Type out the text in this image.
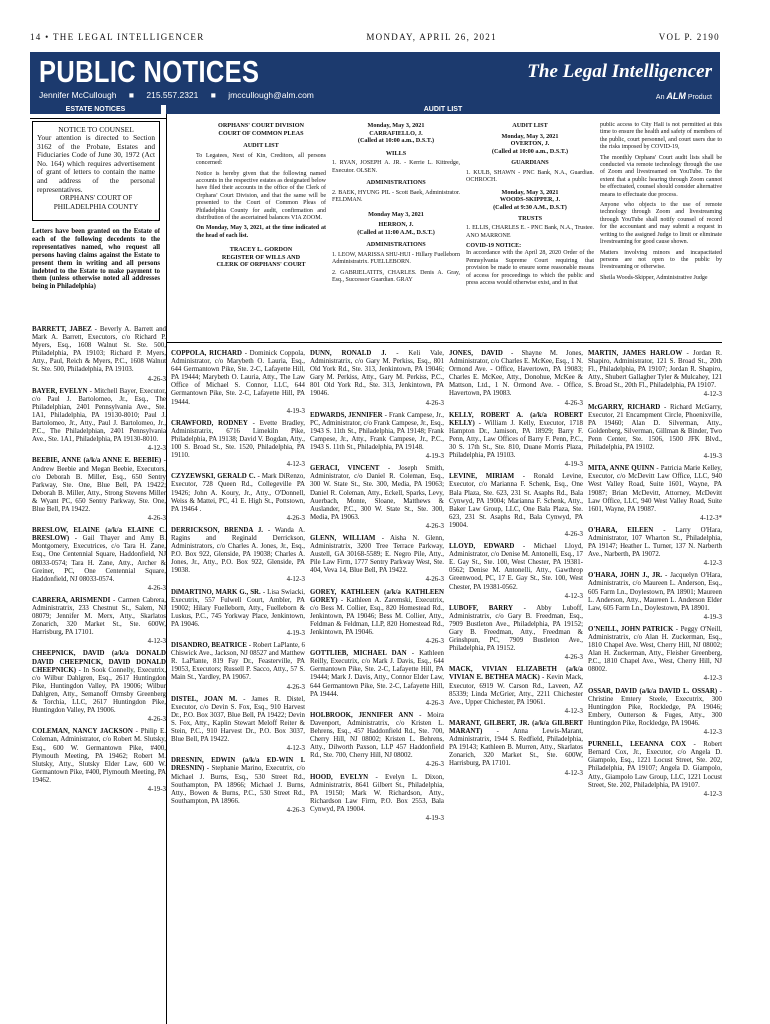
14 • THE LEGAL INTELLIGENCER	MONDAY, APRIL 26, 2021	VOL P. 2190
PUBLIC NOTICES
Jennifer McCullough ■ 215.557.2321 ■ jmccullough@alm.com
The Legal Intelligencer
An ALM Product
ESTATE NOTICES	AUDIT LIST
NOTICE TO COUNSEL
Your attention is directed to Section 3162 of the Probate, Estates and Fiduciaries Code of June 30, 1972 (Act No. 164) which requires advertisement of grant of letters to contain the name and address of the personal representatives.
ORPHANS' COURT OF PHILADELPHIA COUNTY
Letters have been granted on the Estate of each of the following decedents to the representatives named, who request all persons having claims against the Estate to present them in writing and all persons indebted to the Estate to make payment to them (unless otherwise noted all addresses being in Philadelphia)
ORPHANS' COURT DIVISION
COURT OF COMMON PLEAS
AUDIT LIST
To Legatees, Next of Kin, Creditors, all persons concerned:
Notice is hereby given that the following named accounts in the respective estates as designated below have filed their accounts in the office of the Clerk of Orphans' Court Division, and that the same will be presented to the Court of Common Pleas of Philadelphia County for audit, confirmation and distribution of the ascertained balances VIA ZOOM.
On Monday, May 3, 2021, at the time indicated at the head of each list.
TRACEY L. GORDON
REGISTER OF WILLS AND
CLERK OF ORPHANS' COURT
Monday, May 3, 2021
CARRAFIELLO, J.
(Called at 10:00 a.m., D.S.T.)
WILLS
1. RYAN, JOSEPH A. JR. - Kerrie L. Kittredge, Executor. OLSEN.
ADMINISTRATIONS
2. BAEK, HYUNG PIL - Scott Baek, Administrator. FELDMAN.
Monday May 3, 2021
HERRON, J.
(Called at 11:00 A.M., D.S.T.)
ADMINISTRATIONS
1. LEOW, MARISSA SHU-HUI - Hillary Fuelleborn Administratrix. FUELLEBORN.
2. GABRIELATITS, CHARLES. Denis A. Gray, Esq., Successor Guardian. GRAY
AUDIT LIST
Monday, May 3, 2021
OVERTON, J.
(Called at 10:00 a.m., D.S.T.)
GUARDIANS
1. KULB, SHAWN - PNC Bank, N.A., Guardian. OCHROCH.
Monday, May 3, 2021
WOODS-SKIPPER, J.
(Called at 9:30 A.M., D.S.T)
TRUSTS
1. ELLIS, CHARLES E. - PNC Bank, N.A., Trustee. ANO MARRONE
COVID-19 NOTICE:
In accordance with the April 28, 2020 Order of the Pennsylvania Supreme Court requiring that provision be made to ensure some reasonable means of access for proceedings to which the public and press access would otherwise exist, and in that
public access to City Hall is not permitted at this time to ensure the health and safety of members of the public, court personnel, and court users due to the risks imposed by COVID-19,
The monthly Orphans' Court audit lists shall be conducted via remote technology through the use of Zoom and livestreamed on YouTube. To the extent that a public hearing through Zoom cannot be effectuated, counsel should consider alternative means to effectuate due process.
Anyone who objects to the use of remote technology through Zoom and livestreaming through YouTube shall notify counsel of record for the accountant and may submit a request in writing to the assigned Judge to limit or eliminate livestreaming for good cause shown.
Matters involving minors and incapacitated persons are not open to the public by livestreaming or otherwise.
Sheila Woods-Skipper, Administrative Judge
BARRETT, JABEZ - Beverly A. Barrett and Mark A. Barrett, Executors, c/o Richard P. Myers, Esq., 1608 Walnut St. Ste. 500, Philadelphia, PA 19103; Richard P. Myers, Atty., Paul, Reich & Myers, P.C., 1608 Walnut St. Ste. 500, Philadelphia, PA 19103.
4-26-3
BAYER, EVELYN - Mitchell Bayer, Executor, c/o Paul J. Bartolomeo, Jr., Esq., The Philadelphian, 2401 Pennsylvania Ave., Ste. 1A1, Philadelphia, PA 19130-8010; Paul J. Bartolomeo, Jr., Atty., Paul J. Bartolomeo, Jr., P.C., The Philadelphian, 2401 Pennsylvania Ave., Ste. 1A1, Philadelphia, PA 19130-8010.
4-12-3
BEEBIE, ANNE (a/k/a ANNE E. BEEBIE) - Andrew Beebie and Megan Beebie, Executors, c/o Deborah B. Miller, Esq., 650 Sentry Parkway, Ste. One, Blue Bell, PA 19422; Deborah B. Miller, Atty., Strong Stevens Miller & Wyant PC, 650 Sentry Parkway, Ste. One, Blue Bell, PA 19422.
4-26-3
BRESLOW, ELAINE (a/k/a ELAINE C. BRESLOW) - Gail Thayer and Amy B. Montgomery, Executrices, c/o Tara H. Zane, Esq., One Centennial Square, Haddonfield, NJ 08033-0574; Tara H. Zane, Atty., Archer & Greiner, PC, One Centennial Square, Haddonfield, NJ 08033-0574.
4-26-3
CABRERA, ARISMENDI - Carmen Cabrera, Administratrix, 233 Chestnut St., Salem, NJ 08079; Jennifer M. Merx, Atty., Skarlatos Zonarich, 320 Market St., Ste. 600W, Harrisburg, PA 17101.
4-12-3
CHEEPNICK, DAVID (a/k/a DONALD DAVID CHEEPNICK, DAVID DONALD CHEEPNICK) - In Sook Connelly, Executrix, c/o Wilbur Dahlgren, Esq., 2617 Huntingdon Pike, Huntingdon Valley, PA 19006; Wilbur Dahlgren, Atty., Semanoff Ormsby Greenberg & Torchia, LLC, 2617 Huntingdon Pike, Huntingdon Valley, PA 19006.
4-26-3
COLEMAN, NANCY JACKSON - Philip E. Coleman, Administrator, c/o Robert M. Slutsky, Esq., 600 W. Germantown Pike, #400, Plymouth Meeting, PA 19462; Robert M. Slutsky, Atty., Slutsky Elder Law, 600 W. Germantown Pike, #400, Plymouth Meeting, PA 19462.
4-19-3
COPPOLA, RICHARD - Dominick Coppola, Administrator, c/o Marybeth O. Lauria, Esq., 644 Germantown Pike, Ste. 2-C, Lafayette Hill, PA 19444; Marybeth O. Lauria, Atty., The Law Office of Michael S. Connor, LLC, 644 Germantown Pike, Ste. 2-C, Lafayette Hill, PA 19444.
4-19-3
CRAWFORD, RODNEY - Evette Bradley, Administratrix, 6716 Limekiln Pike, Philadelphia, PA 19138; David V. Bogdan, Atty., 100 S. Broad St., Ste. 1520, Philadelphia, PA 19110.
4-12-3
CZYZEWSKI, GERALD C. - Mark DiRenzo, Executor, 728 Queen Rd., Collegeville PA 19426; John A. Koury, Jr., Atty., O'Donnell, Weiss & Mattei, PC, 41 E. High St., Pottstown, PA 19464 .
4-26-3
DERRICKSON, BRENDA J. - Wanda A. Ragins and Reginald Derrickson, Administrators, c/o Charles A. Jones, Jr., Esq., P.O. Box 922, Glenside, PA 19038; Charles A. Jones, Jr., Atty., P.O. Box 922, Glenside, PA 19038.
4-12-3
DiMARTINO, MARK G., SR. - Lisa Swiacki, Executrix, 557 Fulwell Court, Ambler, PA 19002; Hilary Fuelleborn, Atty., Fuelleborn & Luskus, P.C., 745 Yorkway Place, Jenkintown, PA 19046.
4-19-3
DISANDRO, BEATRICE - Robert LaPlante, 6 Chiswick Ave., Jackson, NJ 08527 and Matthew R. LaPlante, 819 Fay Dr., Feasterville, PA 19053, Executors; Russell P. Sacco, Atty., 57 S. Main St., Yardley, PA 19067.
4-26-3
DISTEL, JOAN M. - James R. Distel, Executor, c/o Devin S. Fox, Esq., 910 Harvest Dr., P.O. Box 3037, Blue Bell, PA 19422; Devin S. Fox, Atty., Kaplin Stewart Meloff Reiter & Stein, P.C., 910 Harvest Dr., P.O. Box 3037, Blue Bell, PA 19422.
4-12-3
DRESNIN, EDWIN (a/k/a ED-WIN I. DRESNIN) - Stephanie Marino, Executrix, c/o Michael J. Burns, Esq., 530 Street Rd., Southampton, PA 18966; Michael J. Burns, Atty., Bowen & Burns, P.C., 530 Street Rd., Southampton, PA 18966.
4-26-3
DUNN, RONALD J. - Keli Vale, Administratrix, c/o Gary M. Perkiss, Esq., 801 Old York Rd., Ste. 313, Jenkintown, PA 19046; Gary M. Perkiss, Atty., Gary M. Perkiss, P.C., 801 Old York Rd., Ste. 313, Jenkintown, PA 19046.
4-26-3
EDWARDS, JENNIFER - Frank Campese, Jr., PC, Administrator, c/o Frank Campese, Jr., Esq., 1943 S. 11th St., Philadelphia, PA 19148; Frank Campese, Jr., Atty., Frank Campese, Jr., P.C., 1943 S. 11th St., Philadelphia, PA 19148.
4-19-3
GERACI, VINCENT - Joseph Smith, Administrator, c/o Daniel R. Coleman, Esq., 300 W. State St., Ste. 300, Media, PA 19063; Daniel R. Coleman, Atty., Eckell, Sparks, Levy, Auerbach, Monte, Sloane, Matthews & Auslander, P.C., 300 W. State St., Ste. 300, Media, PA 19063.
4-26-3
GLENN, WILLIAM - Aisha N. Glenn, Administratrix, 3200 Tree Terrace Parkway, Austell, GA 30168-5589; E. Negro Pile, Atty., Pile Law Firm, 1777 Sentry Parkway West, Ste. 404, Veva 14, Blue Bell, PA 19422.
4-26-3
GOREY, KATHLEEN (a/k/a KATHLEEN GOREY) - Kathleen A. Zaremski, Executrix, c/o Bess M. Collier, Esq., 820 Homestead Rd., Jenkintown, PA 19046; Bess M. Collier, Atty., Feldman & Feldman, LLP, 820 Homestead Rd., Jenkintown, PA 19046.
4-26-3
GOTTLIEB, MICHAEL DAN - Kathleen Reilly, Executrix, c/o Mark J. Davis, Esq., 644 Germantown Pike, Ste. 2-C, Lafayette Hill, PA 19444; Mark J. Davis, Atty., Connor Elder Law, 644 Germantown Pike, Ste. 2-C, Lafayette Hill, PA 19444.
4-26-3
HOLBROOK, JENNIFER ANN - Moira Davenport, Administratrix, c/o Kristen L. Behrens, Esq., 457 Haddonfield Rd., Ste. 700, Cherry Hill, NJ 08002; Kristen L. Behrens, Atty., Dilworth Paxson, LLP 457 Haddonfield Rd., Ste. 700, Cherry Hill, NJ 08002.
4-26-3
HOOD, EVELYN - Evelyn L. Dixon, Administratrix, 8641 Gilbert St., Philadelphia, PA 19150; Mark W. Richardson, Atty., Richardson Law Firm, P.O. Box 2553, Bala Cynwyd, PA 19004.
4-19-3
JONES, DAVID - Shayne M. Jones, Administrator, c/o Charles E. McKee, Esq., 1 N. Ormond Ave. - Office, Havertown, PA 19083; Charles E. McKee, Atty., Donohue, McKee & Mattson, Ltd., 1 N. Ormond Ave. - Office, Havertown, PA 19083.
4-26-3
KELLY, ROBERT A. (a/k/a ROBERT KELLY) - William J. Kelly, Executor, 1718 Hampton Dr., Jamison, PA 18929; Barry F. Penn, Atty., Law Offices of Barry F. Penn, P.C., 30 S. 17th St., Ste. 810, Duane Morris Plaza, Philadelphia, PA 19103.
4-19-3
LEVINE, MIRIAM - Ronald Levine, Executor, c/o Marianna F. Schenk, Esq., One Bala Plaza, Ste. 623, 231 St. Asaphs Rd., Bala Cynwyd, PA 19004; Marianna F. Schenk, Atty., Baker Law Group, LLC, One Bala Plaza, Ste. 623, 231 St. Asaphs Rd., Bala Cynwyd, PA 19004.
4-26-3
LLOYD, EDWARD - Michael Lloyd, Administrator, c/o Denise M. Antonelli, Esq., 17 E. Gay St., Ste. 100, West Chester, PA 19381-0562; Denise M. Antonelli, Atty., Gawthrop Greenwood, PC, 17 E. Gay St., Ste. 100, West Chester, PA 19381-0562.
4-12-3
LUBOFF, BARRY - Abby Luboff, Administratrix, c/o Gary B. Freedman, Esq., 7909 Bustleton Ave., Philadelphia, PA 19152; Gary B. Freedman, Atty., Freedman & Grinshpun, PC, 7909 Bustleton Ave., Philadelphia, PA 19152.
4-26-3
MACK, VIVIAN ELIZABETH (a/k/a VIVIAN E. BETHEA MACK) - Kevin Mack, Executor, 6919 W. Carson Rd., Laveen, AZ 85339; Linda McGrier, Atty., 2211 Chichester Ave., Upper Chichester, PA 19061.
4-12-3
MARANT, GILBERT, JR. (a/k/a GILBERT MARANT) - Anna Lewis-Marant, Administratrix, 1944 S. Redfield, Philadelphia, PA 19143; Kathleen B. Murren, Atty., Skarlatos Zonarich, 320 Market St., Ste. 600W, Harrisburg, PA 17101.
4-12-3
MARTIN, JAMES HARLOW - Jordan R. Shapiro, Administrator, 121 S. Broad St., 20th Fl., Philadelphia, PA 19107; Jordan R. Shapiro, Atty., Shubert Gallagher Tyler & Mulcahey, 121 S. Broad St., 20th Fl., Philadelphia, PA 19107.
4-12-3
McGARRY, RICHARD - Richard McGarry, Executor, 21 Encampment Circle, Phoenixville, PA 19460; Alan D. Silverman, Atty., Goldenberg, Silverman, Gillman & Binder, Two Penn Center, Ste. 1506, 1500 JFK Blvd., Philadelphia, PA 19102.
4-19-3
MITA, ANNE QUINN - Patricia Marie Kelley, Executor, c/o McDevitt Law Office, LLC, 940 West Valley Road, Suite 1601, Wayne, PA 19087; Brian McDevitt, Attorney, McDevitt Law Office, LLC, 940 West Valley Road, Suite 1601, Wayne, PA 19087.
4-12-3*
O'HARA, EILEEN - Larry O'Hara, Administrator, 107 Wharton St., Philadelphia, PA 19147; Heather L. Turner, 137 N. Narberth Ave., Narberth, PA 19072.
4-12-3
O'HARA, JOHN J., JR. - Jacquelyn O'Hara, Administratrix, c/o Maureen L. Anderson, Esq., 605 Farm Ln., Doylestown, PA 18901; Maureen L. Anderson, Atty., Maureen L. Anderson Elder Law, 605 Farm Ln., Doylestown, PA 18901.
4-19-3
O'NEILL, JOHN PATRICK - Peggy O'Neill, Administratrix, c/o Alan H. Zuckerman, Esq., 1810 Chapel Ave. West, Cherry Hill, NJ 08002; Alan H. Zuckerman, Atty., Fleisher Greenberg, P.C., 1810 Chapel Ave., West, Cherry Hill, NJ 08002.
4-12-3
OSSAR, DAVID (a/k/a DAVID L. OSSAR) - Christine Emtery Steele, Executrix, 300 Huntingdon Pike, Rockledge, PA 19046; Embery, Outterson & Fuges, Atty., 300 Huntingdon Pike, Rockledge, PA 19046.
4-12-3
PURNELL, LEEANNA COX - Robert Bernard Cox, Jr., Executor, c/o Angela D. Giampolo, Esq., 1221 Locust Street, Ste. 202, Philadelphia, PA 19107; Angela D. Giampolo, Atty., Giampolo Law Group, LLC, 1221 Locust Street, Ste. 202, Philadelphia, PA 19107.
4-12-3
